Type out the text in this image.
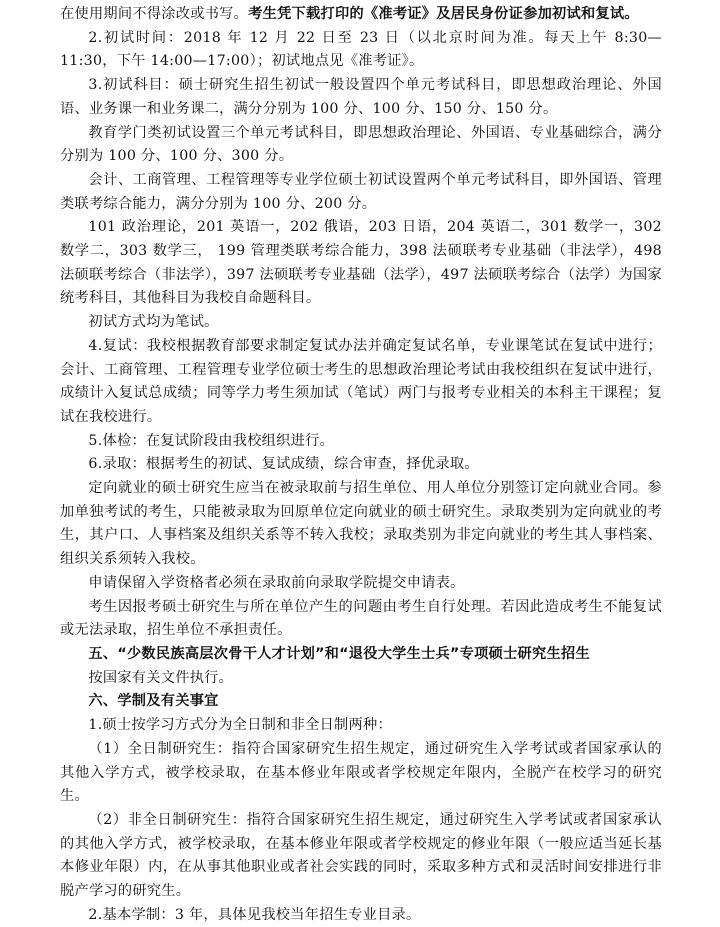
在使用期间不得涂改或书写。考生凭下载打印的《准考证》及居民身份证参加初试和复试。

2.初试时间：2018 年 12 月 22 日至 23 日（以北京时间为准。每天上午 8:30—11:30，下午 14:00—17:00）；初试地点见《准考证》。

3.初试科目：硕士研究生招生初试一般设置四个单元考试科目，即思想政治理论、外国语、业务课一和业务课二，满分分别为 100 分、100 分、150 分、150 分。

教育学门类初试设置三个单元考试科目，即思想政治理论、外国语、专业基础综合，满分分别为 100 分、100 分、300 分。

会计、工商管理、工程管理等专业学位硕士初试设置两个单元考试科目，即外国语、管理类联考综合能力，满分分别为 100 分、200 分。

101 政治理论，201 英语一，202 俄语，203 日语，204 英语二，301 数学一，302 数学二，303 数学三， 199 管理类联考综合能力，398 法硕联考专业基础（非法学），498 法硕联考综合（非法学），397 法硕联考专业基础（法学），497 法硕联考综合（法学）为国家统考科目，其他科目为我校自命题科目。

初试方式均为笔试。

4.复试：我校根据教育部要求制定复试办法并确定复试名单，专业课笔试在复试中进行；会计、工商管理、工程管理专业学位硕士考生的思想政治理论考试由我校组织在复试中进行，成绩计入复试总成绩；同等学力考生须加试（笔试）两门与报考专业相关的本科主干课程；复试在我校进行。

5.体检：在复试阶段由我校组织进行。

6.录取：根据考生的初试、复试成绩，综合审查，择优录取。

定向就业的硕士研究生应当在被录取前与招生单位、用人单位分别签订定向就业合同。参加单独考试的考生，只能被录取为回原单位定向就业的硕士研究生。录取类别为定向就业的考生，其户口、人事档案及组织关系等不转入我校；录取类别为非定向就业的考生其人事档案、组织关系须转入我校。

申请保留入学资格者必须在录取前向录取学院提交申请表。

考生因报考硕士研究生与所在单位产生的问题由考生自行处理。若因此造成考生不能复试或无法录取，招生单位不承担责任。

五、“少数民族高层次骨干人才计划”和“退役大学生士兵”专项硕士研究生招生

按国家有关文件执行。

六、学制及有关事宜

1.硕士按学习方式分为全日制和非全日制两种：

（1）全日制研究生：指符合国家研究生招生规定，通过研究生入学考试或者国家承认的其他入学方式，被学校录取，在基本修业年限或者学校规定年限内，全脱产在校学习的研究生。

（2）非全日制研究生：指符合国家研究生招生规定，通过研究生入学考试或者国家承认的其他入学方式，被学校录取，在基本修业年限或者学校规定的修业年限（一般应适当延长基本修业年限）内，在从事其他职业或者社会实践的同时，采取多种方式和灵活时间安排进行非脱产学习的研究生。

2.基本学制：3 年，具体见我校当年招生专业目录。
